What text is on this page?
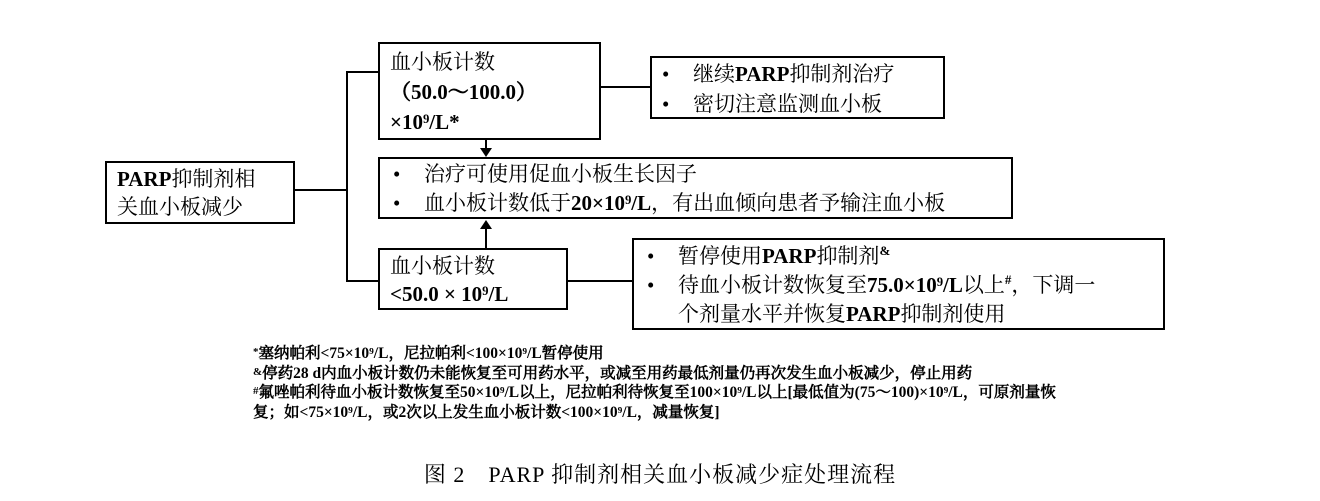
PARP抑制剂相
关血小板减少
血小板计数
（50.0～100.0）
×10⁹/L*
•
继续PARP抑制剂治疗
•
密切注意监测血小板
•
治疗可使用促血小板生长因子
•
血小板计数低于20×10⁹/L，有出血倾向患者予输注血小板
血小板计数
<50.0 × 10⁹/L
•
暂停使用PARP抑制剂&
•
待血小板计数恢复至75.0×10⁹/L以上#，下调一
个剂量水平并恢复PARP抑制剂使用
*塞纳帕利<75×10⁹/L，尼拉帕利<100×10⁹/L暂停使用
&停药28 d内血小板计数仍未能恢复至可用药水平，或减至用药最低剂量仍再次发生血小板减少，停止用药
#氟唑帕利待血小板计数恢复至50×10⁹/L以上，尼拉帕利待恢复至100×10⁹/L以上[最低值为(75～100)×10⁹/L，可原剂量恢
复；如<75×10⁹/L，或2次以上发生血小板计数<100×10⁹/L，减量恢复]
图 2　PARP 抑制剂相关血小板减少症处理流程
